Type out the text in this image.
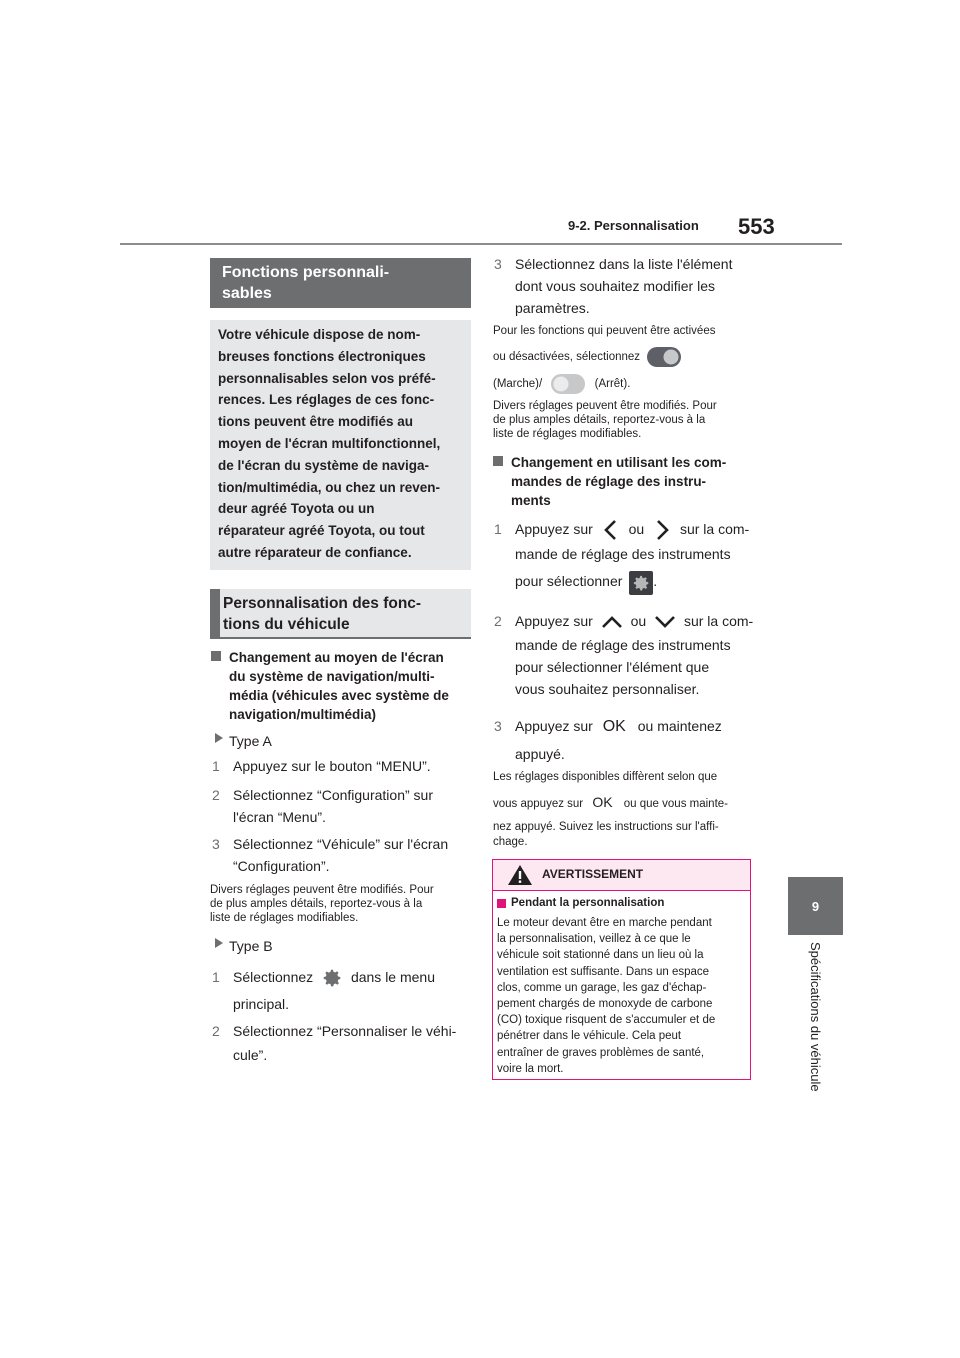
9-2. Personnalisation 553
9
Spécifications du véhicule
Fonctions personnali-
sables
Votre véhicule dispose de nom-
breuses fonctions électroniques
personnalisables selon vos préfé-
rences. Les réglages de ces fonc-
tions peuvent être modifiés au
moyen de l'écran multifonctionnel,
de l'écran du système de naviga-
tion/multimédia, ou chez un reven-
deur agréé Toyota ou un
réparateur agréé Toyota, ou tout
autre réparateur de confiance.
Personnalisation des fonc-
tions du véhicule
Changement au moyen de l'écran
du système de navigation/multi-
média (véhicules avec système de
navigation/multimédia)
Type A
1 Appuyez sur le bouton “MENU”.
2 Sélectionnez “Configuration” sur
l'écran “Menu”.
3 Sélectionnez “Véhicule” sur l'écran
“Configuration”.
Divers réglages peuvent être modifiés. Pour
de plus amples détails, reportez-vous à la
liste de réglages modifiables.
Type B
1 Sélectionnez	dans le menu
principal.
2 Sélectionnez “Personnaliser le véhi-
cule”.
3 Sélectionnez dans la liste l'élément
dont vous souhaitez modifier les
paramètres.
Pour les fonctions qui peuvent être activées
ou désactivées, sélectionnez
(Marche)/	(Arrêt).
Divers réglages peuvent être modifiés. Pour
de plus amples détails, reportez-vous à la
liste de réglages modifiables.
Changement en utilisant les com-
mandes de réglage des instru-
ments
1 Appuyez sur	ou	sur la com-
mande de réglage des instruments
pour sélectionner .
2 Appuyez sur	ou	sur la com-
mande de réglage des instruments
pour sélectionner l'élément que
vous souhaitez personnaliser.
3 Appuyez sur OK ou maintenez
appuyé.
Les réglages disponibles diffèrent selon que
vous appuyez sur OK ou que vous mainte-
nez appuyé. Suivez les instructions sur l'affi-
chage.
AVERTISSEMENT
Pendant la personnalisation
Le moteur devant être en marche pendant
la personnalisation, veillez à ce que le
véhicule soit stationné dans un lieu où la
ventilation est suffisante. Dans un espace
clos, comme un garage, les gaz d'échap-
pement chargés de monoxyde de carbone
(CO) toxique risquent de s'accumuler et de
pénétrer dans le véhicule. Cela peut
entraîner de graves problèmes de santé,
voire la mort.
